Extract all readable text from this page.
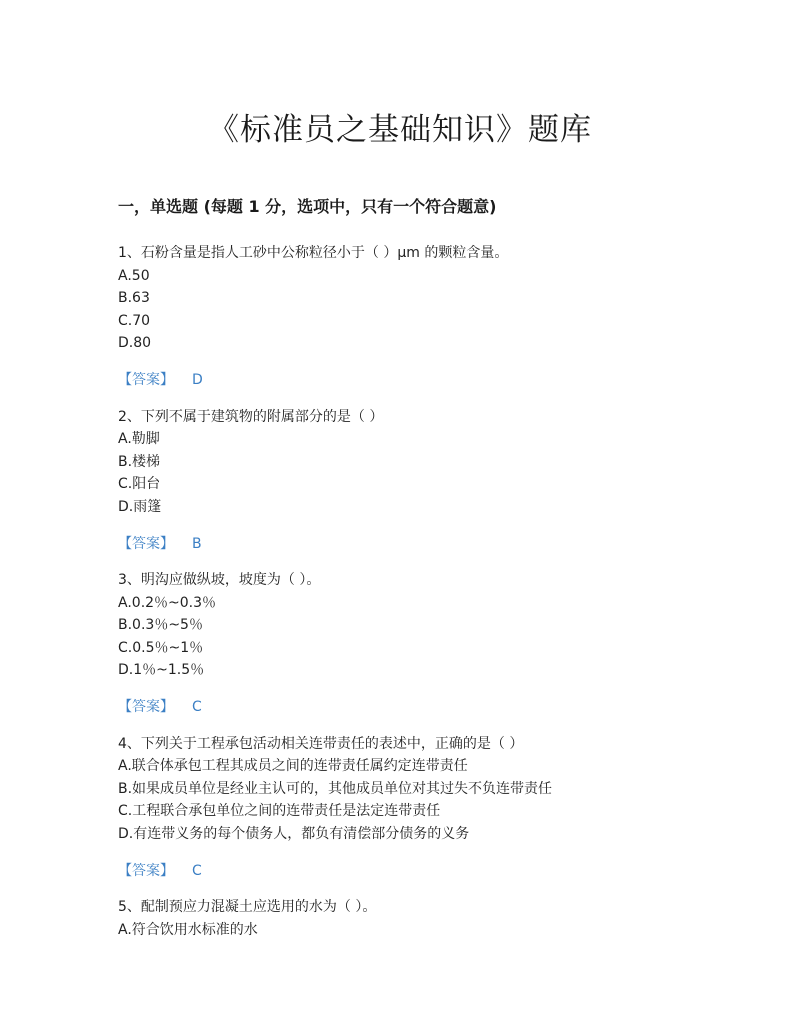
《标准员之基础知识》题库
一，单选题 (每题 1 分，选项中，只有一个符合题意)
1、石粉含量是指人工砂中公称粒径小于（ ）μm 的颗粒含量。
A.50
B.63
C.70
D.80
【答案】 D
2、下列不属于建筑物的附属部分的是（ ）
A.勒脚
B.楼梯
C.阳台
D.雨篷
【答案】 B
3、明沟应做纵坡，坡度为（ ）。
A.0.2％~0.3％
B.0.3％~5％
C.0.5％~1％
D.1％~1.5％
【答案】 C
4、下列关于工程承包活动相关连带责任的表述中，正确的是（ ）
A.联合体承包工程其成员之间的连带责任属约定连带责任
B.如果成员单位是经业主认可的，其他成员单位对其过失不负连带责任
C.工程联合承包单位之间的连带责任是法定连带责任
D.有连带义务的每个债务人，都负有清偿部分债务的义务
【答案】 C
5、配制预应力混凝土应选用的水为（ ）。
A.符合饮用水标准的水
